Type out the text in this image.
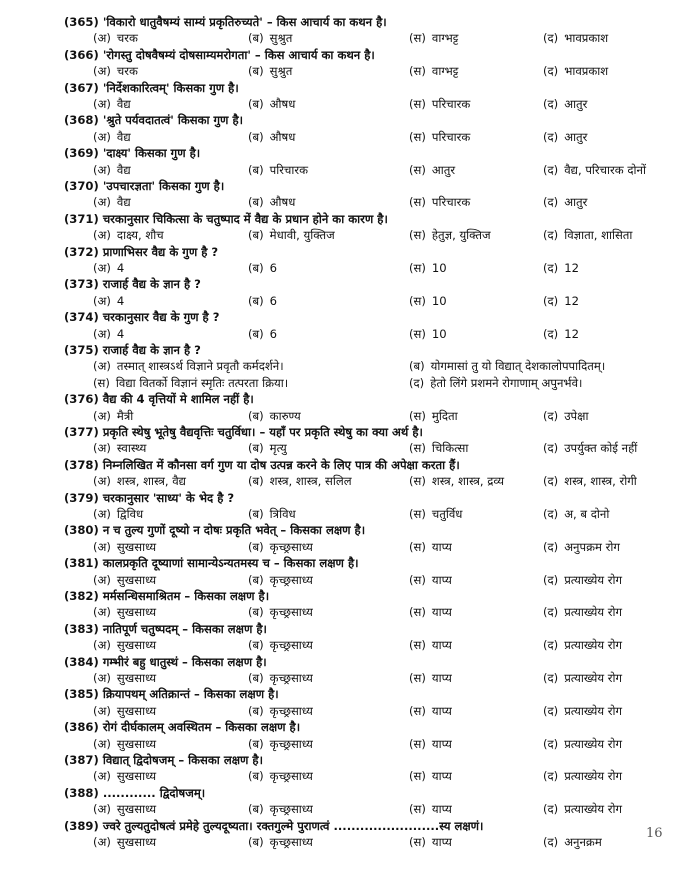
(365) 'विकारो धातुवैषम्यं साम्यं प्रकृतिरुच्यते' – किस आचार्य का कथन है।
(अ) चरक	(ब) सुश्रुत	(स) वाग्भट्ट	(द) भावप्रकाश
(366) 'रोगस्तु दोषवैषम्यं दोषसाम्यमरोगता' – किस आचार्य का कथन है।
(अ) चरक	(ब) सुश्रुत	(स) वाग्भट्ट	(द) भावप्रकाश
(367) 'निर्देशकारित्वम्' किसका गुण है।
(अ) वैद्य	(ब) औषध	(स) परिचारक	(द) आतुर
(368) 'श्रुते पर्यवदातत्वं' किसका गुण है।
(अ) वैद्य	(ब) औषध	(स) परिचारक	(द) आतुर
(369) 'दाक्ष्य' किसका गुण है।
(अ) वैद्य	(ब) परिचारक	(स) आतुर	(द) वैद्य, परिचारक दोनों
(370) 'उपचारज्ञता' किसका गुण है।
(अ) वैद्य	(ब) औषध	(स) परिचारक	(द) आतुर
(371) चरकानुसार चिकित्सा के चतुष्पाद में वैद्य के प्रधान होने का कारण है।
(अ) दाक्ष्य, शौच	(ब) मेधावी, युक्तिज	(स) हेतुज्ञ, युक्तिज	(द) विज्ञाता, शासिता
(372) प्राणाभिसर वैद्य के गुण है ?
(अ) 4	(ब) 6	(स) 10	(द) 12
(373) राजार्ह वैद्य के ज्ञान है ?
(अ) 4	(ब) 6	(स) 10	(द) 12
(374) चरकानुसार वैद्य के गुण है ?
(अ) 4	(ब) 6	(स) 10	(द) 12
(375) राजार्ह वैद्य के ज्ञान है ?
(अ) तस्मात् शास्त्रऽर्थ विज्ञाने प्रवृतौ कर्मदर्शने।	(ब) योगमासां तु यो विद्यात् देशकालोपपादितम्।
(स) विद्या वितर्को विज्ञानं स्मृतिः तत्परता क्रिया।	(द) हेतो लिंगे प्रशमने रोगाणाम् अपुनर्भवे।
(376) वैद्य की 4 वृत्तियों मे शामिल नहीं है।
(अ) मैत्री	(ब) कारुण्य	(स) मुदिता	(द) उपेक्षा
(377) प्रकृति स्थेषु भूतेषु वैद्यवृत्तिः चतुर्विधा। – यहाँ पर प्रकृति स्थेषु का क्या अर्थ है।
(अ) स्वास्थ्य	(ब) मृत्यु	(स) चिकित्सा	(द) उपर्युक्त कोई नहीं
(378) निम्नलिखित में कौनसा वर्ग गुण या दोष उत्पन्न करने के लिए पात्र की अपेक्षा करता हैं।
(अ) शस्त्र, शास्त्र, वैद्य	(ब) शस्त्र, शास्त्र, सलिल	(स) शस्त्र, शास्त्र, द्रव्य	(द) शस्त्र, शास्त्र, रोगी
(379) चरकानुसार 'साध्य' के भेद है ?
(अ) द्विविध	(ब) त्रिविध	(स) चतुर्विध	(द) अ, ब दोनो
(380) न च तुल्य गुणों दूष्यो न दोषः प्रकृति भवेत् – किसका लक्षण है।
(अ) सुखसाध्य	(ब) कृच्छ्रसाध्य	(स) याप्य	(द) अनुपक्रम रोग
(381) कालप्रकृति दूष्याणां सामान्येऽन्यतमस्य च – किसका लक्षण है।
(अ) सुखसाध्य	(ब) कृच्छ्रसाध्य	(स) याप्य	(द) प्रत्याख्येय रोग
(382) मर्मसन्धिसमाश्रितम – किसका लक्षण है।
(अ) सुखसाध्य	(ब) कृच्छ्रसाध्य	(स) याप्य	(द) प्रत्याख्येय रोग
(383) नातिपूर्ण चतुष्पदम् – किसका लक्षण है।
(अ) सुखसाध्य	(ब) कृच्छ्रसाध्य	(स) याप्य	(द) प्रत्याख्येय रोग
(384) गम्भीरं बहु धातुस्थं – किसका लक्षण है।
(अ) सुखसाध्य	(ब) कृच्छ्रसाध्य	(स) याप्य	(द) प्रत्याख्येय रोग
(385) क्रियापथम् अतिक्रान्तं – किसका लक्षण है।
(अ) सुखसाध्य	(ब) कृच्छ्रसाध्य	(स) याप्य	(द) प्रत्याख्येय रोग
(386) रोगं दीर्घकालम् अवस्थितम – किसका लक्षण है।
(अ) सुखसाध्य	(ब) कृच्छ्रसाध्य	(स) याप्य	(द) प्रत्याख्येय रोग
(387) विद्यात् द्विदोषजम् – किसका लक्षण है।
(अ) सुखसाध्य	(ब) कृच्छ्रसाध्य	(स) याप्य	(द) प्रत्याख्येय रोग
(388) ............ द्विदोषजम्।
(अ) सुखसाध्य	(ब) कृच्छ्रसाध्य	(स) याप्य	(द) प्रत्याख्येय रोग
(389) ज्वरे तुल्यतुदोषत्वं प्रमेहे तुल्यदूष्यता। रक्तगुल्मे पुराणत्वं ........................स्य लक्षणं।
(अ) सुखसाध्य	(ब) कृच्छ्रसाध्य	(स) याप्य	(द) अनुनक्रम
16
